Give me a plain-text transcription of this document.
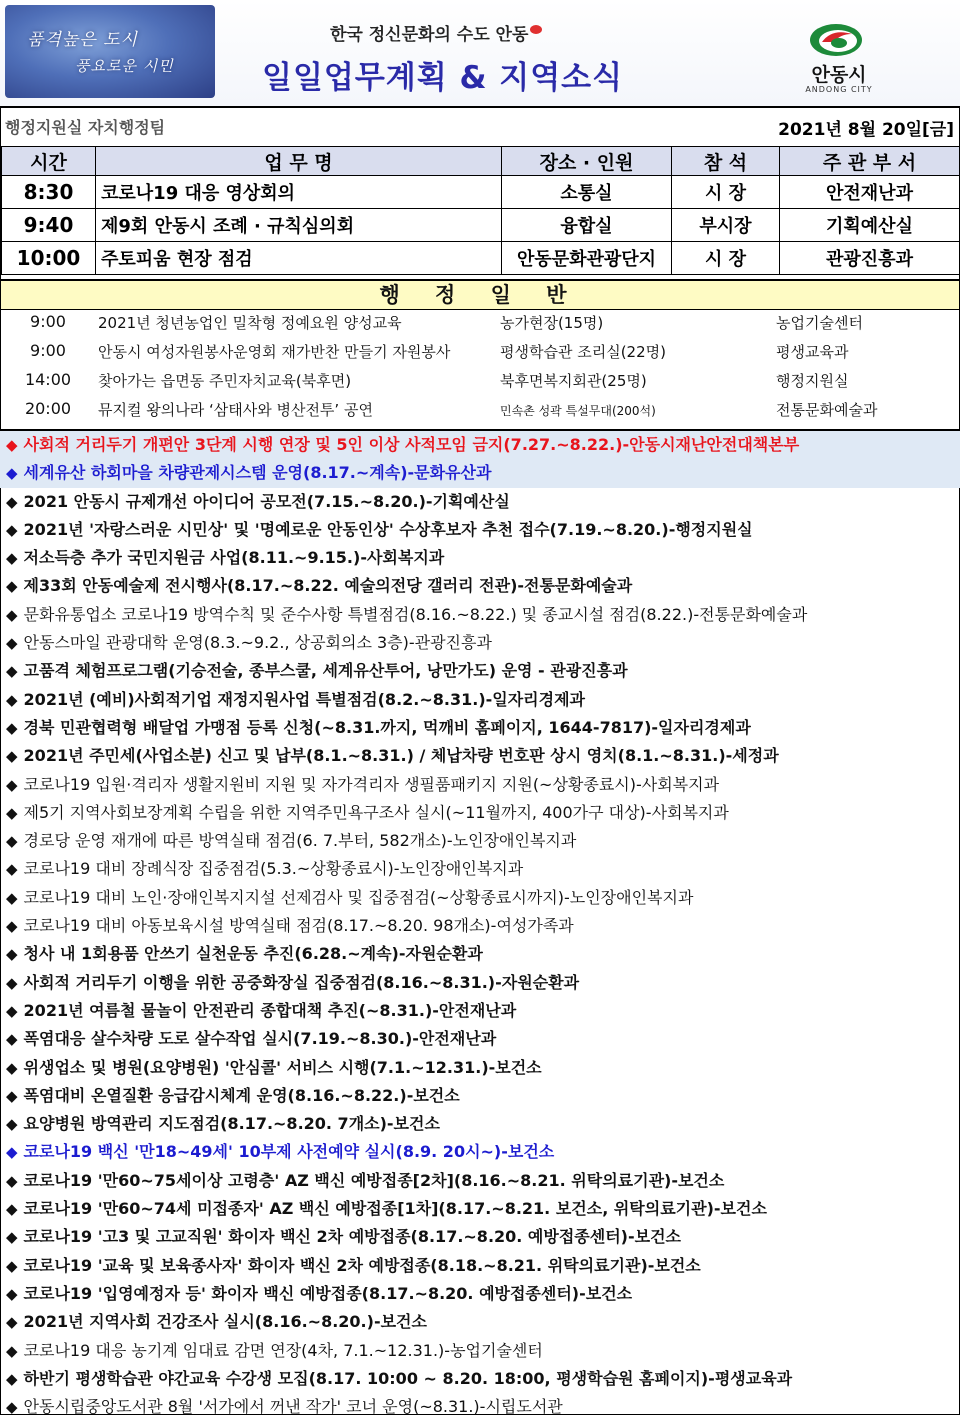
품격높은 도시
풍요로운 시민
한국 정신문화의 수도 안동
일일업무계획 & 지역소식	안동시
ANDONG CITY
행정지원실 자치행정팀	2021년 8월 20일[금]
시간	업 무 명	장소 · 인원	참 석	주 관 부 서
8:30	코로나19 대응 영상회의	소통실	시 장	안전재난과
9:40	제9회 안동시 조례 · 규칙심의회	융합실	부시장	기획예산실
10:00	주토피움 현장 점검	안동문화관광단지	시 장	관광진흥과
행 정 일 반
9:00	2021년 청년농업인 밀착형 정예요원 양성교육	농가현장(15명)	농업기술센터
9:00	안동시 여성자원봉사운영회 재가반찬 만들기 자원봉사	평생학습관 조리실(22명)	평생교육과
14:00	찾아가는 읍면동 주민자치교육(북후면)	북후면복지회관(25명)	행정지원실
20:00	뮤지컬 왕의나라 ‘삼태사와 병산전투’ 공연	민속촌 성곽 특설무대(200석)	전통문화예술과
◆ 사회적 거리두기 개편안 3단계 시행 연장 및 5인 이상 사적모임 금지(7.27.~8.22.)-안동시재난안전대책본부
◆ 세계유산 하회마을 차량관제시스템 운영(8.17.~계속)-문화유산과
◆ 2021 안동시 규제개선 아이디어 공모전(7.15.~8.20.)-기획예산실
◆ 2021년 '자랑스러운 시민상' 및 '명예로운 안동인상' 수상후보자 추천 접수(7.19.~8.20.)-행정지원실
◆ 저소득층 추가 국민지원금 사업(8.11.~9.15.)-사회복지과
◆ 제33회 안동예술제 전시행사(8.17.~8.22. 예술의전당 갤러리 전관)-전통문화예술과
◆ 문화유통업소 코로나19 방역수칙 및 준수사항 특별점검(8.16.~8.22.) 및 종교시설 점검(8.22.)-전통문화예술과
◆ 안동스마일 관광대학 운영(8.3.~9.2., 상공회의소 3층)-관광진흥과
◆ 고품격 체험프로그램(기승전술, 종부스쿨, 세계유산투어, 낭만가도) 운영 - 관광진흥과
◆ 2021년 (예비)사회적기업 재정지원사업 특별점검(8.2.~8.31.)-일자리경제과
◆ 경북 민관협력형 배달업 가맹점 등록 신청(~8.31.까지, 먹깨비 홈페이지, 1644-7817)-일자리경제과
◆ 2021년 주민세(사업소분) 신고 및 납부(8.1.~8.31.) / 체납차량 번호판 상시 영치(8.1.~8.31.)-세정과
◆ 코로나19 입원·격리자 생활지원비 지원 및 자가격리자 생필품패키지 지원(~상황종료시)-사회복지과
◆ 제5기 지역사회보장계획 수립을 위한 지역주민욕구조사 실시(~11월까지, 400가구 대상)-사회복지과
◆ 경로당 운영 재개에 따른 방역실태 점검(6. 7.부터, 582개소)-노인장애인복지과
◆ 코로나19 대비 장례식장 집중점검(5.3.~상황종료시)-노인장애인복지과
◆ 코로나19 대비 노인·장애인복지지설 선제검사 및 집중점검(~상황종료시까지)-노인장애인복지과
◆ 코로나19 대비 아동보육시설 방역실태 점검(8.17.~8.20. 98개소)-여성가족과
◆ 청사 내 1회용품 안쓰기 실천운동 추진(6.28.~계속)-자원순환과
◆ 사회적 거리두기 이행을 위한 공중화장실 집중점검(8.16.~8.31.)-자원순환과
◆ 2021년 여름철 물놀이 안전관리 종합대책 추진(~8.31.)-안전재난과
◆ 폭염대응 살수차량 도로 살수작업 실시(7.19.~8.30.)-안전재난과
◆ 위생업소 및 병원(요양병원) '안심콜' 서비스 시행(7.1.~12.31.)-보건소
◆ 폭염대비 온열질환 응급감시체계 운영(8.16.~8.22.)-보건소
◆ 요양병원 방역관리 지도점검(8.17.~8.20. 7개소)-보건소
◆ 코로나19 백신 '만18~49세' 10부제 사전예약 실시(8.9. 20시~)-보건소
◆ 코로나19 '만60~75세이상 고령층' AZ 백신 예방접종[2차](8.16.~8.21. 위탁의료기관)-보건소
◆ 코로나19 '만60~74세 미접종자' AZ 백신 예방접종[1차](8.17.~8.21. 보건소, 위탁의료기관)-보건소
◆ 코로나19 '고3 및 고교직원' 화이자 백신 2차 예방접종(8.17.~8.20. 예방접종센터)-보건소
◆ 코로나19 '교육 및 보육종사자' 화이자 백신 2차 예방접종(8.18.~8.21. 위탁의료기관)-보건소
◆ 코로나19 '입영예정자 등' 화이자 백신 예방접종(8.17.~8.20. 예방접종센터)-보건소
◆ 2021년 지역사회 건강조사 실시(8.16.~8.20.)-보건소
◆ 코로나19 대응 농기계 임대료 감면 연장(4차, 7.1.~12.31.)-농업기술센터
◆ 하반기 평생학습관 야간교육 수강생 모집(8.17. 10:00 ~ 8.20. 18:00, 평생학습원 홈페이지)-평생교육과
◆ 안동시립중앙도서관 8월 '서가에서 꺼낸 작가' 코너 운영(~8.31.)-시립도서관
